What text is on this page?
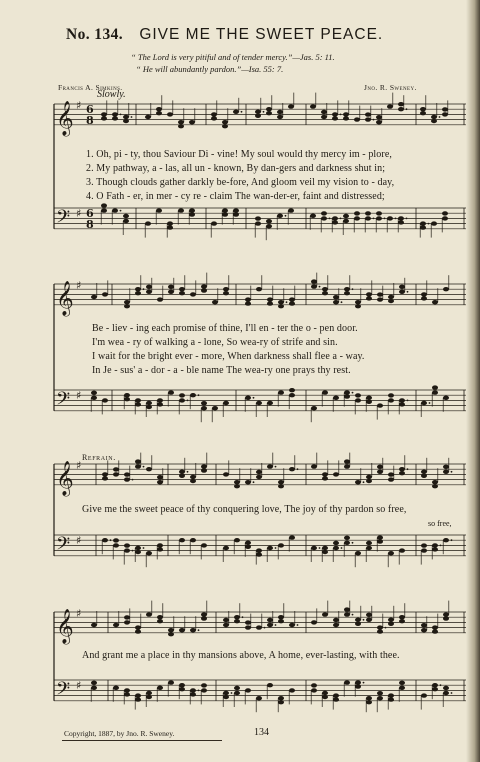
𝄞 ♯ 6
8
𝄢 ♯ 6
8
𝄞 ♯
𝄢 ♯
𝄞 ♯
𝄢 ♯
𝄞 ♯
𝄢 ♯
No. 134. GIVE ME THE SWEET PEACE.
“ The Lord is very pitiful and of tender mercy.”—Jas. 5: 11.
“ He will abundantly pardon.”—Isa. 55: 7.
Francis A. Simkins.	Jno. R. Sweney.
Slowly.
1. Oh, pi - ty, thou Saviour Di - vine! My soul would thy mercy im - plore,
2. My pathway, a - las, all un - known, By dan-gers and darkness shut in;
3. Though clouds gather darkly be-fore, And gloom veil my vision to - day,
4. O Fath - er, in mer - cy re - claim The wan-der-er, faint and distressed;
Be - liev - ing each promise of thine, I'll en - ter the o - pen door.
I'm wea - ry of walking a - lone, So wea-ry of strife and sin.
I wait for the bright ever - more, When darkness shall flee a - way.
In Je - sus' a - dor - a - ble name The wea-ry one prays thy rest.
Refrain.
Give me the sweet peace of thy conquering love, The joy of thy pardon so free,
so free,
And grant me a place in thy mansions above, A home, ever-lasting, with thee.
Copyright, 1887, by Jno. R. Sweney.	134
